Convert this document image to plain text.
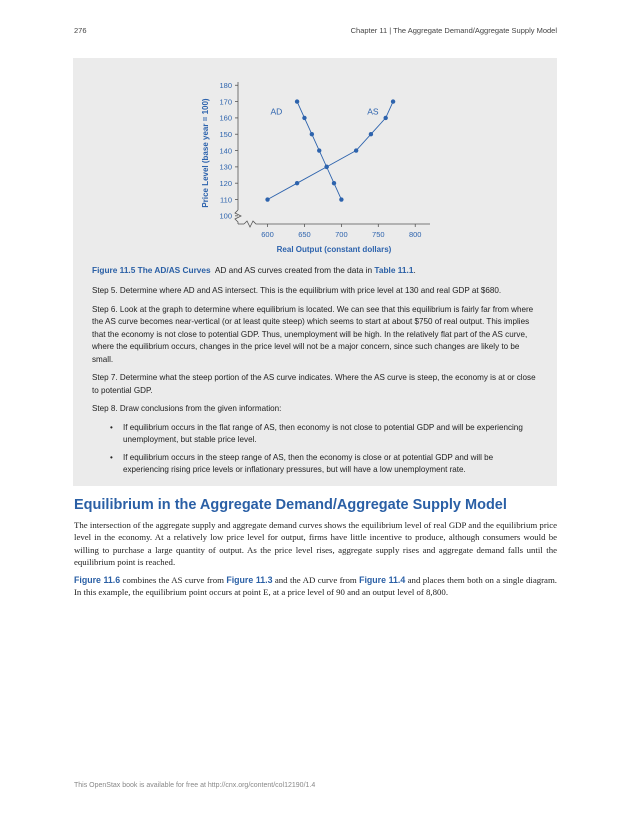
276	Chapter 11 | The Aggregate Demand/Aggregate Supply Model
100
110
120
130
140
150
160
170
180
600	650	700	750	800
Price Level (base year = 100)
Real Output (constant dollars)
AD	AS
Figure 11.5 The AD/AS Curves AD and AS curves created from the data in Table 11.1.

Step 5. Determine where AD and AS intersect. This is the equilibrium with price level at 130 and real GDP at $680.

Step 6. Look at the graph to determine where equilibrium is located. We can see that this equilibrium is fairly far from where the AS curve becomes near-vertical (or at least quite steep) which seems to start at about $750 of real output. This implies that the economy is not close to potential GDP. Thus, unemployment will be high. In the relatively flat part of the AS curve, where the equilibrium occurs, changes in the price level will not be a major concern, since such changes are likely to be small.

Step 7. Determine what the steep portion of the AS curve indicates. Where the AS curve is steep, the economy is at or close to potential GDP.

Step 8. Draw conclusions from the given information:

• If equilibrium occurs in the flat range of AS, then economy is not close to potential GDP and will be experiencing unemployment, but stable price level.
• If equilibrium occurs in the steep range of AS, then the economy is close or at potential GDP and will be experiencing rising price levels or inflationary pressures, but will have a low unemployment rate.
Equilibrium in the Aggregate Demand/Aggregate Supply Model

The intersection of the aggregate supply and aggregate demand curves shows the equilibrium level of real GDP and the equilibrium price level in the economy. At a relatively low price level for output, firms have little incentive to produce, although consumers would be willing to purchase a large quantity of output. As the price level rises, aggregate supply rises and aggregate demand falls until the equilibrium point is reached.

Figure 11.6 combines the AS curve from Figure 11.3 and the AD curve from Figure 11.4 and places them both on a single diagram. In this example, the equilibrium point occurs at point E, at a price level of 90 and an output level of 8,800.

This OpenStax book is available for free at http://cnx.org/content/col12190/1.4
